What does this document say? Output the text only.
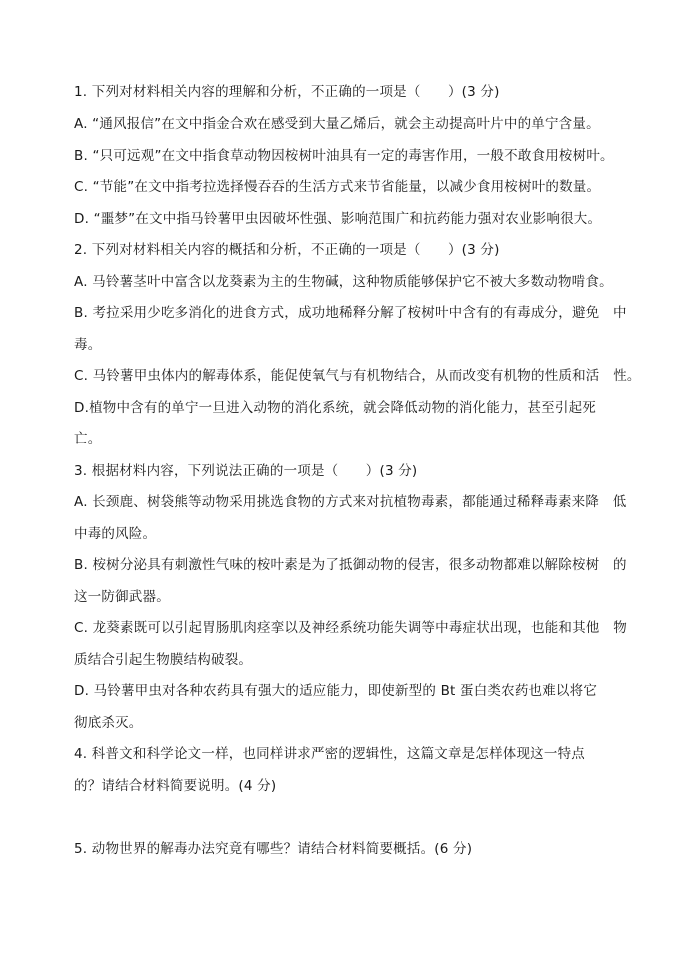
1. 下列对材料相关内容的理解和分析，不正确的一项是（　　）(3 分)
A. “通风报信”在文中指金合欢在感受到大量乙烯后，就会主动提高叶片中的单宁含量。
B. “只可远观”在文中指食草动物因桉树叶油具有一定的毒害作用，一般不敢食用桉树叶。
C. “节能”在文中指考拉选择慢吞吞的生活方式来节省能量，以减少食用桉树叶的数量。
D. “噩梦”在文中指马铃薯甲虫因破坏性强、影响范围广和抗药能力强对农业影响很大。
2. 下列对材料相关内容的概括和分析，不正确的一项是（　　）(3 分)
A. 马铃薯茎叶中富含以龙葵素为主的生物碱，这种物质能够保护它不被大多数动物啃食。
B. 考拉采用少吃多消化的进食方式，成功地稀释分解了桉树叶中含有的有毒成分，避免　中
毒。
C. 马铃薯甲虫体内的解毒体系，能促使氧气与有机物结合，从而改变有机物的性质和活　性。
D.植物中含有的单宁一旦进入动物的消化系统，就会降低动物的消化能力，甚至引起死
亡。
3. 根据材料内容，下列说法正确的一项是（　　）(3 分)
A. 长颈鹿、树袋熊等动物采用挑选食物的方式来对抗植物毒素，都能通过稀释毒素来降　低
中毒的风险。
B. 桉树分泌具有刺激性气味的桉叶素是为了抵御动物的侵害，很多动物都难以解除桉树　的
这一防御武器。
C. 龙葵素既可以引起胃肠肌肉痉挛以及神经系统功能失调等中毒症状出现，也能和其他　物
质结合引起生物膜结构破裂。
D. 马铃薯甲虫对各种农药具有强大的适应能力，即使新型的 Bt 蛋白类农药也难以将它
彻底杀灭。
4. 科普文和科学论文一样，也同样讲求严密的逻辑性，这篇文章是怎样体现这一特点
的？请结合材料简要说明。(4 分)
5. 动物世界的解毒办法究竟有哪些？请结合材料简要概括。(6 分)
